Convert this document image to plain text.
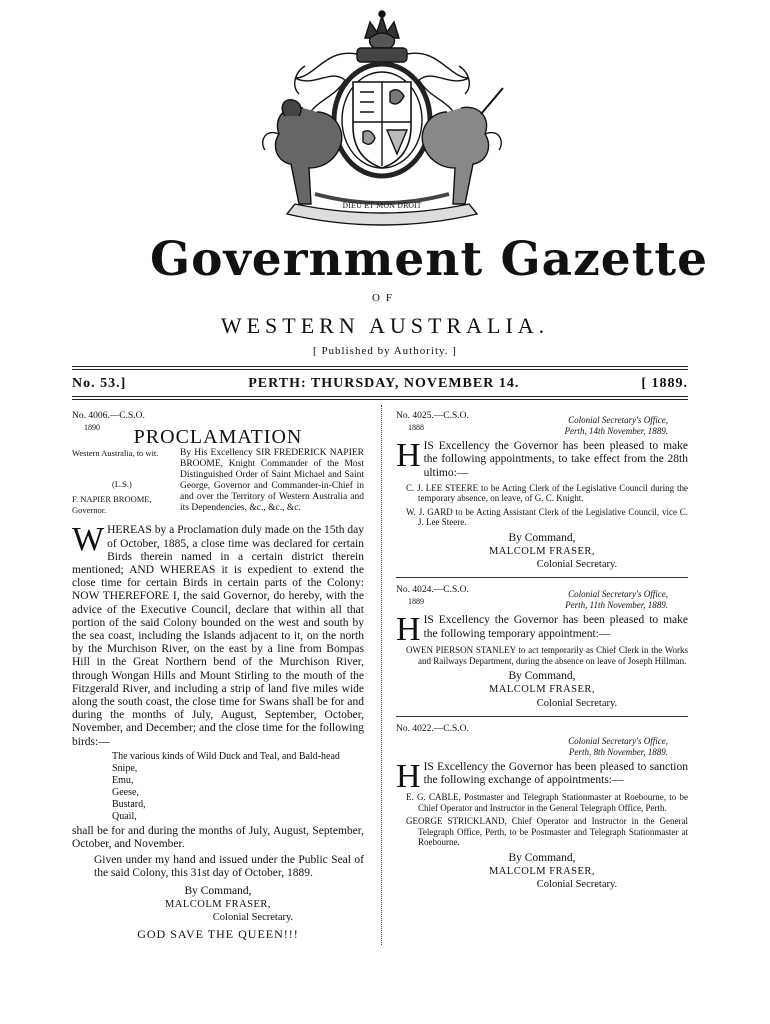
DIEU ET MON DROIT
Government Gazette
OF
WESTERN AUSTRALIA.
[ Published by Authority. ]
No. 53.]	PERTH: THURSDAY, NOVEMBER 14.	[ 1889.
No. 4006.—C.S.O.
1890	PROCLAMATION
Western Australia, to wit.
(L.S.)
F. NAPIER BROOME, Governor.
By His Excellency SIR FREDERICK NAPIER BROOME, Knight Commander of the Most Distinguished Order of Saint Michael and Saint George, Governor and Commander-in-Chief in and over the Territory of Western Australia and its Dependencies, &c., &c., &c.

W HEREAS by a Proclamation duly made on the 15th day of October, 1885, a close time was declared for certain Birds therein named in a certain district therein mentioned; AND WHEREAS it is expedient to extend the close time for certain Birds in certain parts of the Colony: NOW THEREFORE I, the said Governor, do hereby, with the advice of the Executive Council, declare that within all that portion of the said Colony bounded on the west and south by the sea coast, including the Islands adjacent to it, on the north by the Murchison River, on the east by a line from Bompas Hill in the Great Northern bend of the Murchison River, through Wongan Hills and Mount Stirling to the mouth of the Fitzgerald River, and including a strip of land five miles wide along the south coast, the close time for Swans shall be for and during the months of July, August, September, October, November, and December; and the close time for the following birds:—

The various kinds of Wild Duck and Teal, and Bald-head Snipe,
Emu,
Geese,
Bustard,
Quail,

shall be for and during the months of July, August, September, October, and November.

Given under my hand and issued under the Public Seal of the said Colony, this 31st day of October, 1889.

By Command,
MALCOLM FRASER,
Colonial Secretary.
GOD SAVE THE QUEEN!!!
No. 4025.—C.S.O.
1888
Colonial Secretary's Office,
Perth, 14th November, 1889.

H IS Excellency the Governor has been pleased to make the following appointments, to take effect from the 28th ultimo:—

C. J. LEE STEERE to be Acting Clerk of the Legislative Council during the temporary absence, on leave, of G. C. Knight.
W. J. GARD to be Acting Assistant Clerk of the Legislative Council, vice C. J. Lee Steere.
By Command,
MALCOLM FRASER,
Colonial Secretary.
No. 4024.—C.S.O.
1889
Colonial Secretary's Office,
Perth, 11th November, 1889.

H IS Excellency the Governor has been pleased to make the following temporary appointment:—

OWEN PIERSON STANLEY to act temporarily as Chief Clerk in the Works and Railways Department, during the absence on leave of Joseph Hillman.
By Command,
MALCOLM FRASER,
Colonial Secretary.
No. 4022.—C.S.O.
Colonial Secretary's Office,
Perth, 8th November, 1889.

H IS Excellency the Governor has been pleased to sanction the following exchange of appointments:—

E. G. CABLE, Postmaster and Telegraph Stationmaster at Roebourne, to be Chief Operator and Instructor in the General Telegraph Office, Perth.
GEORGE STRICKLAND, Chief Operator and Instructor in the General Telegraph Office, Perth, to be Postmaster and Telegraph Stationmaster at Roebourne.
By Command,
MALCOLM FRASER,
Colonial Secretary.
